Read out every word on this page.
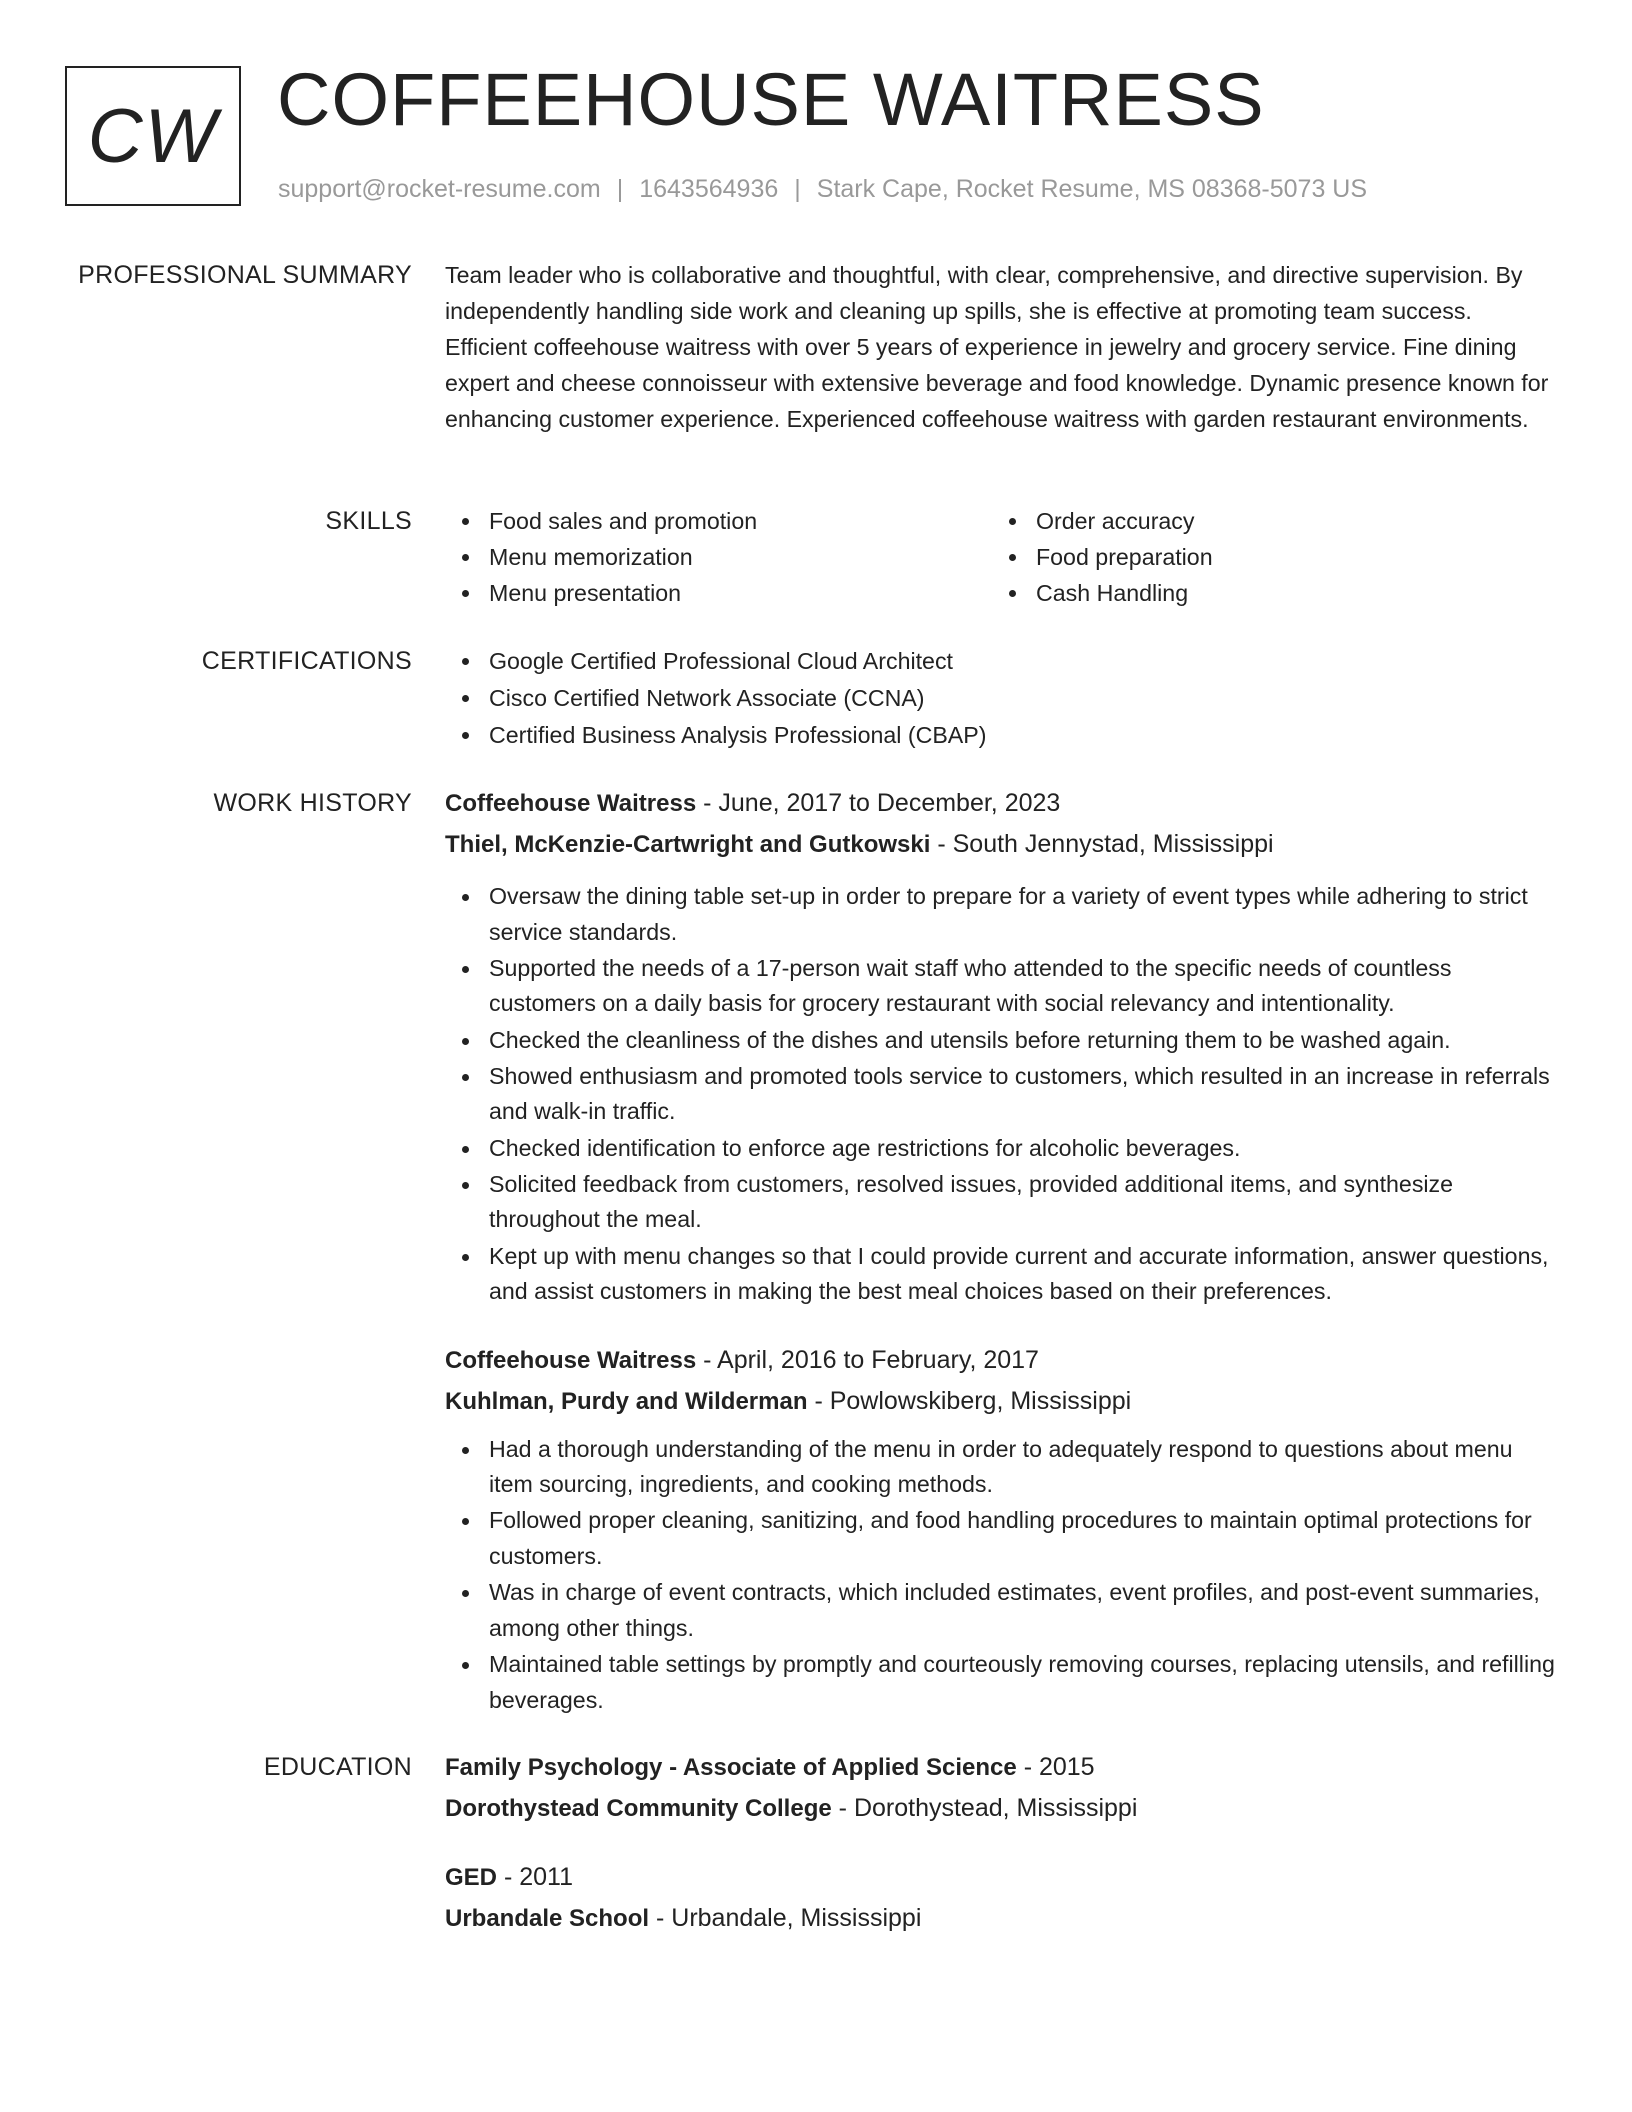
CW COFFEEHOUSE WAITRESS
support@rocket-resume.com | 1643564936 | Stark Cape, Rocket Resume, MS 08368-5073 US
PROFESSIONAL SUMMARY Team leader who is collaborative and thoughtful, with clear, comprehensive, and directive supervision. By independently handling side work and cleaning up spills, she is effective at promoting team success. Efficient coffeehouse waitress with over 5 years of experience in jewelry and grocery service. Fine dining expert and cheese connoisseur with extensive beverage and food knowledge. Dynamic presence known for enhancing customer experience. Experienced coffeehouse waitress with garden restaurant environments.

SKILLS	Food sales and promotion
Menu memorization
Menu presentation
Order accuracy
Food preparation
Cash Handling
CERTIFICATIONS	Google Certified Professional Cloud Architect
Cisco Certified Network Associate (CCNA)
Certified Business Analysis Professional (CBAP)
WORK HISTORY Coffeehouse Waitress - June, 2017 to December, 2023
Thiel, McKenzie-Cartwright and Gutkowski - South Jennystad, Mississippi
Oversaw the dining table set-up in order to prepare for a variety of event types while adhering to strict service standards.
Supported the needs of a 17-person wait staff who attended to the specific needs of countless customers on a daily basis for grocery restaurant with social relevancy and intentionality.
Checked the cleanliness of the dishes and utensils before returning them to be washed again.
Showed enthusiasm and promoted tools service to customers, which resulted in an increase in referrals and walk-in traffic.
Checked identification to enforce age restrictions for alcoholic beverages.
Solicited feedback from customers, resolved issues, provided additional items, and synthesize throughout the meal.
Kept up with menu changes so that I could provide current and accurate information, answer questions, and assist customers in making the best meal choices based on their preferences.
Coffeehouse Waitress - April, 2016 to February, 2017
Kuhlman, Purdy and Wilderman - Powlowskiberg, Mississippi
Had a thorough understanding of the menu in order to adequately respond to questions about menu item sourcing, ingredients, and cooking methods.
Followed proper cleaning, sanitizing, and food handling procedures to maintain optimal protections for customers.
Was in charge of event contracts, which included estimates, event profiles, and post-event summaries, among other things.
Maintained table settings by promptly and courteously removing courses, replacing utensils, and refilling beverages.
EDUCATION Family Psychology - Associate of Applied Science - 2015
Dorothystead Community College - Dorothystead, Mississippi
GED - 2011
Urbandale School - Urbandale, Mississippi
